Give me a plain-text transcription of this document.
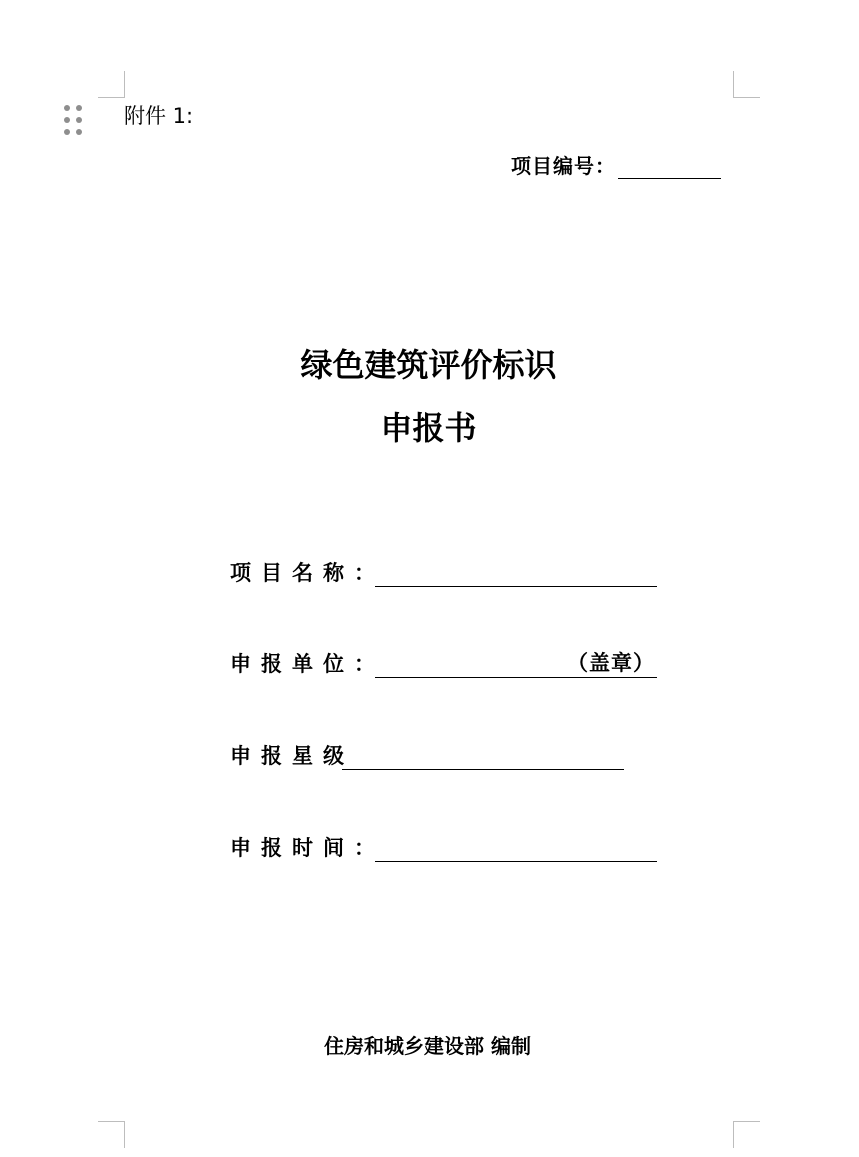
附件 1:
项目编号：
绿色建筑评价标识
申报书
项目名称 ：
申报单位 ：	（盖章）
申报星级
申报时间 ：
住房和城乡建设部 编制
